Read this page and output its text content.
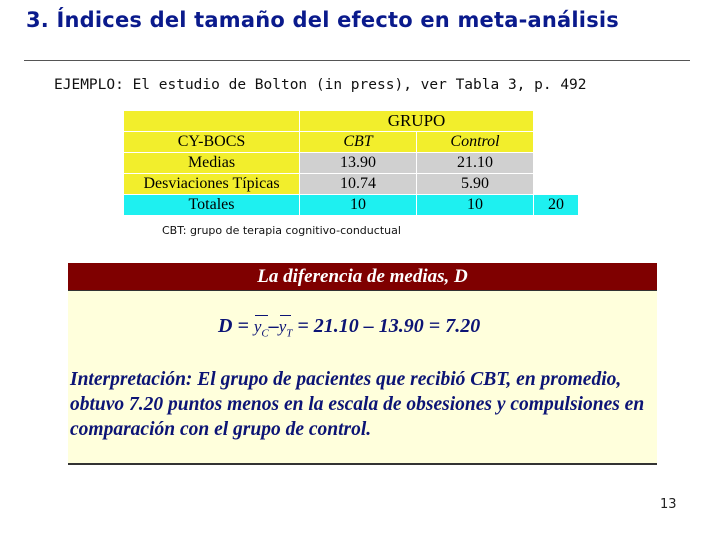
3. Índices del tamaño del efecto en meta-análisis
EJEMPLO: El estudio de Bolton (in press), ver Tabla 3, p. 492
	GRUPO		
CY-BOCS	CBT	Control	
Medias	13.90	21.10	
Desviaciones Típicas	10.74	5.90	
Totales	10	10	20
CBT: grupo de terapia cognitivo-conductual
La diferencia de medias, D
$D = y_C-$
$y_T = 21.10 - 13.90 = 7.20$
Interpretación: El grupo de pacientes que recibió CBT, en promedio, obtuvo 7.20 puntos menos en la escala de obsesiones y compulsiones en comparación con el grupo de control.
13
